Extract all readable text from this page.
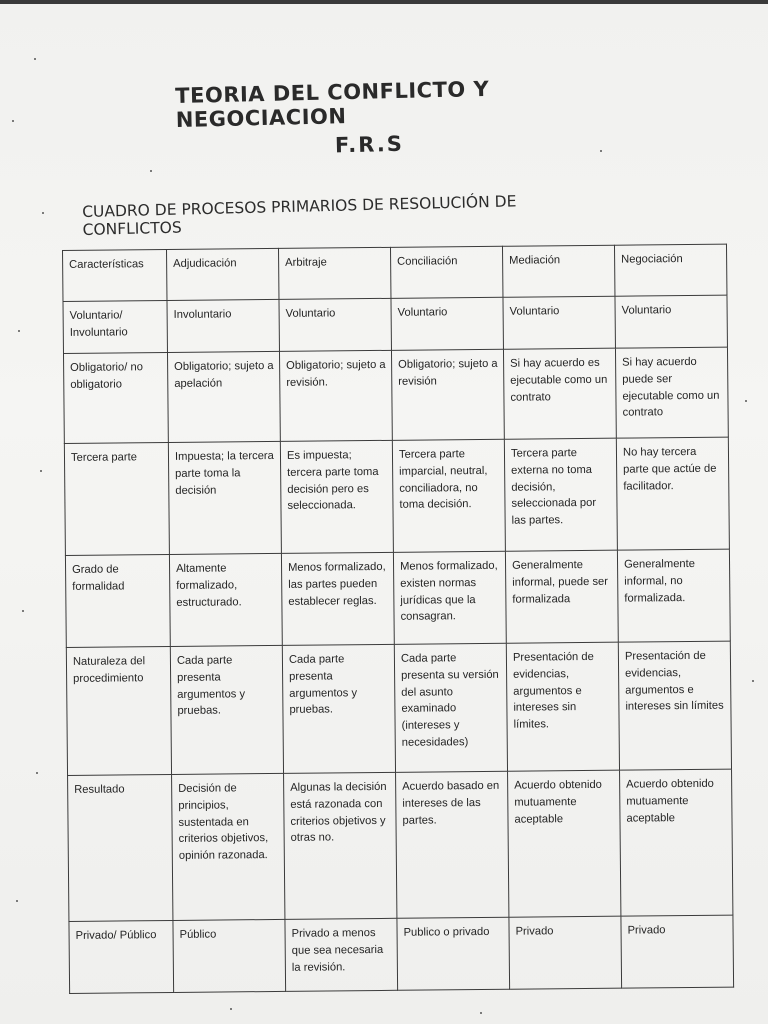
TEORIA DEL CONFLICTO Y NEGOCIACION
F.R.S
CUADRO DE PROCESOS PRIMARIOS DE RESOLUCIÓN DE CONFLICTOS
Características	Adjudicación	Arbitraje	Conciliación	Mediación	Negociación
Voluntario/ Involuntario	Involuntario	Voluntario	Voluntario	Voluntario	Voluntario
Obligatorio/ no obligatorio	Obligatorio; sujeto a apelación	Obligatorio; sujeto a revisión.	Obligatorio; sujeto a revisión	Si hay acuerdo es ejecutable como un contrato	Si hay acuerdo puede ser ejecutable como un contrato
Tercera parte	Impuesta; la tercera parte toma la decisión	Es impuesta; tercera parte toma decisión pero es seleccionada.	Tercera parte imparcial, neutral, conciliadora, no toma decisión.	Tercera parte externa no toma decisión, seleccionada por las partes.	No hay tercera parte que actúe de facilitador.
Grado de formalidad	Altamente formalizado, estructurado.	Menos formalizado, las partes pueden establecer reglas.	Menos formalizado, existen normas jurídicas que la consagran.	Generalmente informal, puede ser formalizada	Generalmente informal, no formalizada.
Naturaleza del procedimiento	Cada parte presenta argumentos y pruebas.	Cada parte presenta argumentos y pruebas.	Cada parte presenta su versión del asunto examinado (intereses y necesidades)	Presentación de evidencias, argumentos e intereses sin límites.	Presentación de evidencias, argumentos e intereses sin límites
Resultado	Decisión de principios, sustentada en criterios objetivos, opinión razonada.	Algunas la decisión está razonada con criterios objetivos y otras no.	Acuerdo basado en intereses de las partes.	Acuerdo obtenido mutuamente aceptable	Acuerdo obtenido mutuamente aceptable
Privado/ Público	Público	Privado a menos que sea necesaria la revisión.	Publico o privado	Privado	Privado
